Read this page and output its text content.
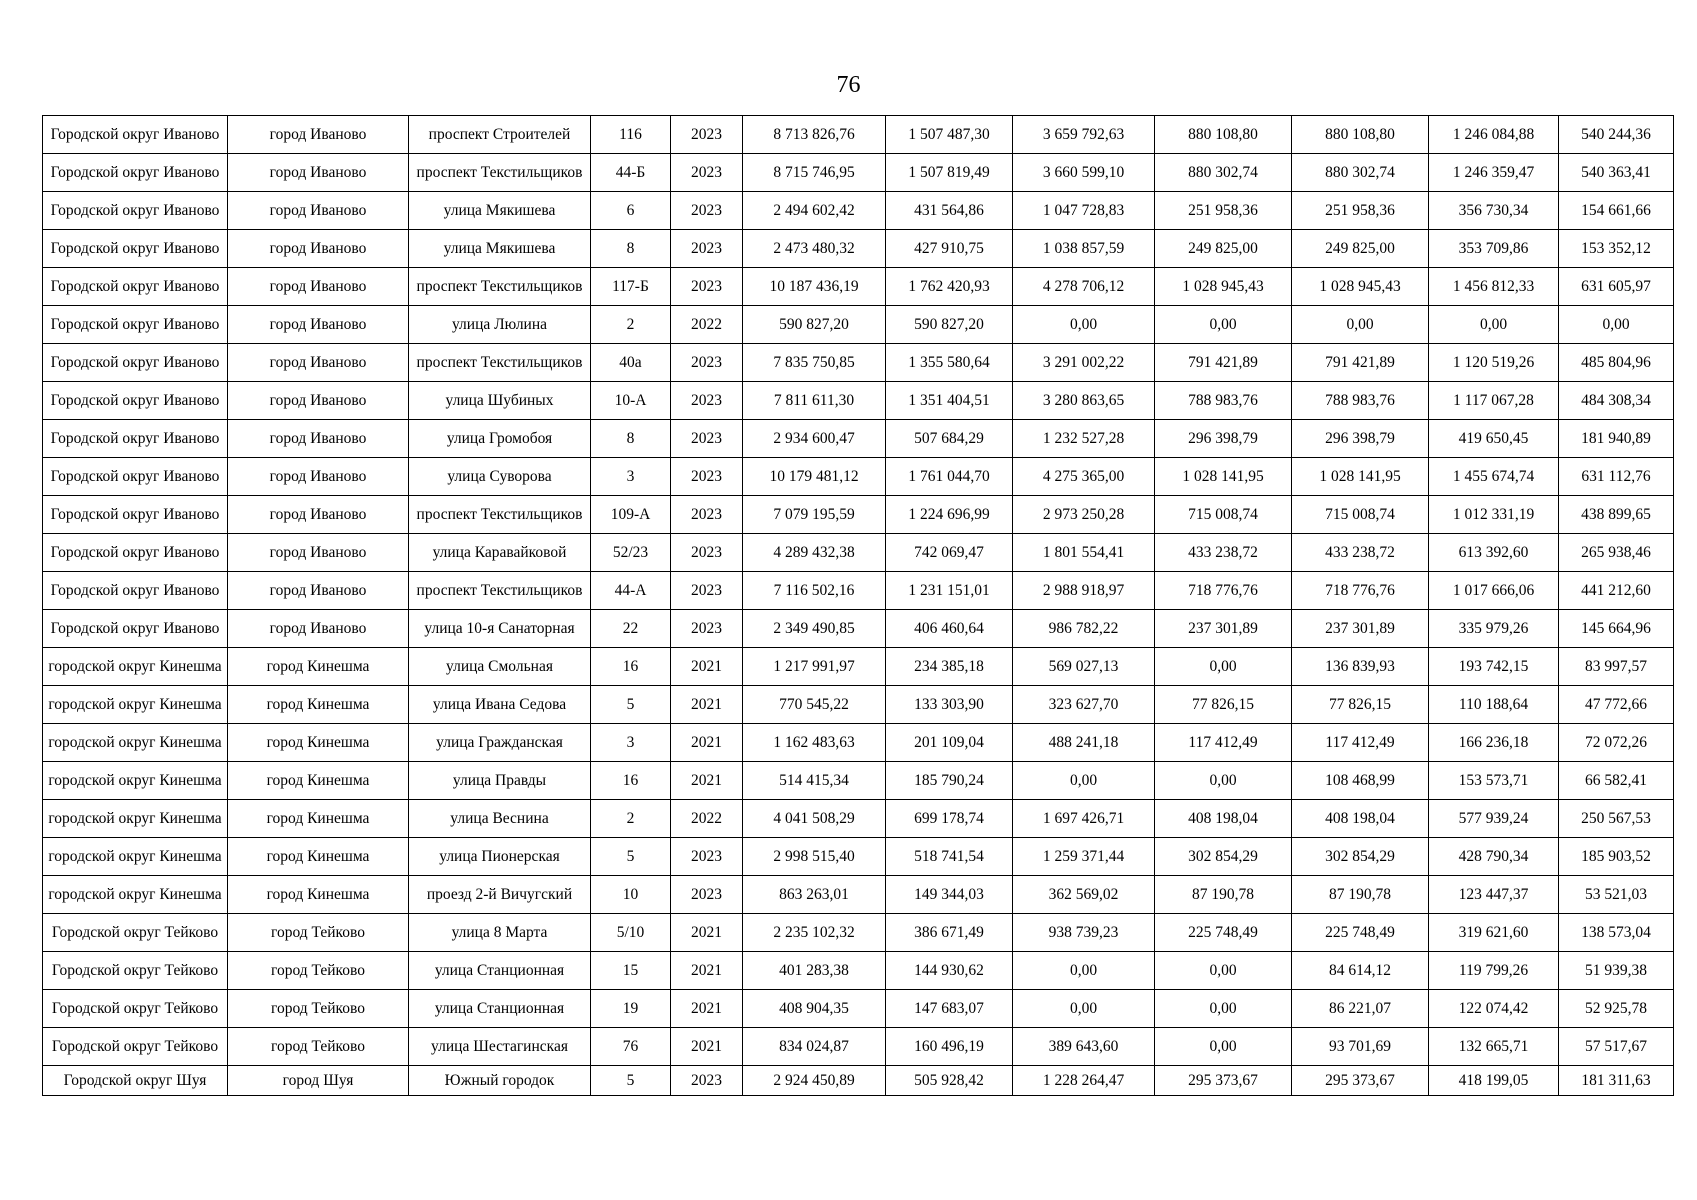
76
Городской округ Иваново	город Иваново	проспект Строителей	116	2023	8 713 826,76	1 507 487,30	3 659 792,63	880 108,80	880 108,80	1 246 084,88	540 244,36
Городской округ Иваново	город Иваново	проспект Текстильщиков	44-Б	2023	8 715 746,95	1 507 819,49	3 660 599,10	880 302,74	880 302,74	1 246 359,47	540 363,41
Городской округ Иваново	город Иваново	улица Мякишева	6	2023	2 494 602,42	431 564,86	1 047 728,83	251 958,36	251 958,36	356 730,34	154 661,66
Городской округ Иваново	город Иваново	улица Мякишева	8	2023	2 473 480,32	427 910,75	1 038 857,59	249 825,00	249 825,00	353 709,86	153 352,12
Городской округ Иваново	город Иваново	проспект Текстильщиков	117-Б	2023	10 187 436,19	1 762 420,93	4 278 706,12	1 028 945,43	1 028 945,43	1 456 812,33	631 605,97
Городской округ Иваново	город Иваново	улица Люлина	2	2022	590 827,20	590 827,20	0,00	0,00	0,00	0,00	0,00
Городской округ Иваново	город Иваново	проспект Текстильщиков	40а	2023	7 835 750,85	1 355 580,64	3 291 002,22	791 421,89	791 421,89	1 120 519,26	485 804,96
Городской округ Иваново	город Иваново	улица Шубиных	10-А	2023	7 811 611,30	1 351 404,51	3 280 863,65	788 983,76	788 983,76	1 117 067,28	484 308,34
Городской округ Иваново	город Иваново	улица Громобоя	8	2023	2 934 600,47	507 684,29	1 232 527,28	296 398,79	296 398,79	419 650,45	181 940,89
Городской округ Иваново	город Иваново	улица Суворова	3	2023	10 179 481,12	1 761 044,70	4 275 365,00	1 028 141,95	1 028 141,95	1 455 674,74	631 112,76
Городской округ Иваново	город Иваново	проспект Текстильщиков	109-А	2023	7 079 195,59	1 224 696,99	2 973 250,28	715 008,74	715 008,74	1 012 331,19	438 899,65
Городской округ Иваново	город Иваново	улица Каравайковой	52/23	2023	4 289 432,38	742 069,47	1 801 554,41	433 238,72	433 238,72	613 392,60	265 938,46
Городской округ Иваново	город Иваново	проспект Текстильщиков	44-А	2023	7 116 502,16	1 231 151,01	2 988 918,97	718 776,76	718 776,76	1 017 666,06	441 212,60
Городской округ Иваново	город Иваново	улица 10-я Санаторная	22	2023	2 349 490,85	406 460,64	986 782,22	237 301,89	237 301,89	335 979,26	145 664,96
городской округ Кинешма	город Кинешма	улица Смольная	16	2021	1 217 991,97	234 385,18	569 027,13	0,00	136 839,93	193 742,15	83 997,57
городской округ Кинешма	город Кинешма	улица Ивана Седова	5	2021	770 545,22	133 303,90	323 627,70	77 826,15	77 826,15	110 188,64	47 772,66
городской округ Кинешма	город Кинешма	улица Гражданская	3	2021	1 162 483,63	201 109,04	488 241,18	117 412,49	117 412,49	166 236,18	72 072,26
городской округ Кинешма	город Кинешма	улица Правды	16	2021	514 415,34	185 790,24	0,00	0,00	108 468,99	153 573,71	66 582,41
городской округ Кинешма	город Кинешма	улица Веснина	2	2022	4 041 508,29	699 178,74	1 697 426,71	408 198,04	408 198,04	577 939,24	250 567,53
городской округ Кинешма	город Кинешма	улица Пионерская	5	2023	2 998 515,40	518 741,54	1 259 371,44	302 854,29	302 854,29	428 790,34	185 903,52
городской округ Кинешма	город Кинешма	проезд 2-й Вичугский	10	2023	863 263,01	149 344,03	362 569,02	87 190,78	87 190,78	123 447,37	53 521,03
Городской округ Тейково	город Тейково	улица 8 Марта	5/10	2021	2 235 102,32	386 671,49	938 739,23	225 748,49	225 748,49	319 621,60	138 573,04
Городской округ Тейково	город Тейково	улица Станционная	15	2021	401 283,38	144 930,62	0,00	0,00	84 614,12	119 799,26	51 939,38
Городской округ Тейково	город Тейково	улица Станционная	19	2021	408 904,35	147 683,07	0,00	0,00	86 221,07	122 074,42	52 925,78
Городской округ Тейково	город Тейково	улица Шестагинская	76	2021	834 024,87	160 496,19	389 643,60	0,00	93 701,69	132 665,71	57 517,67
Городской округ Шуя	город Шуя	Южный городок	5	2023	2 924 450,89	505 928,42	1 228 264,47	295 373,67	295 373,67	418 199,05	181 311,63
